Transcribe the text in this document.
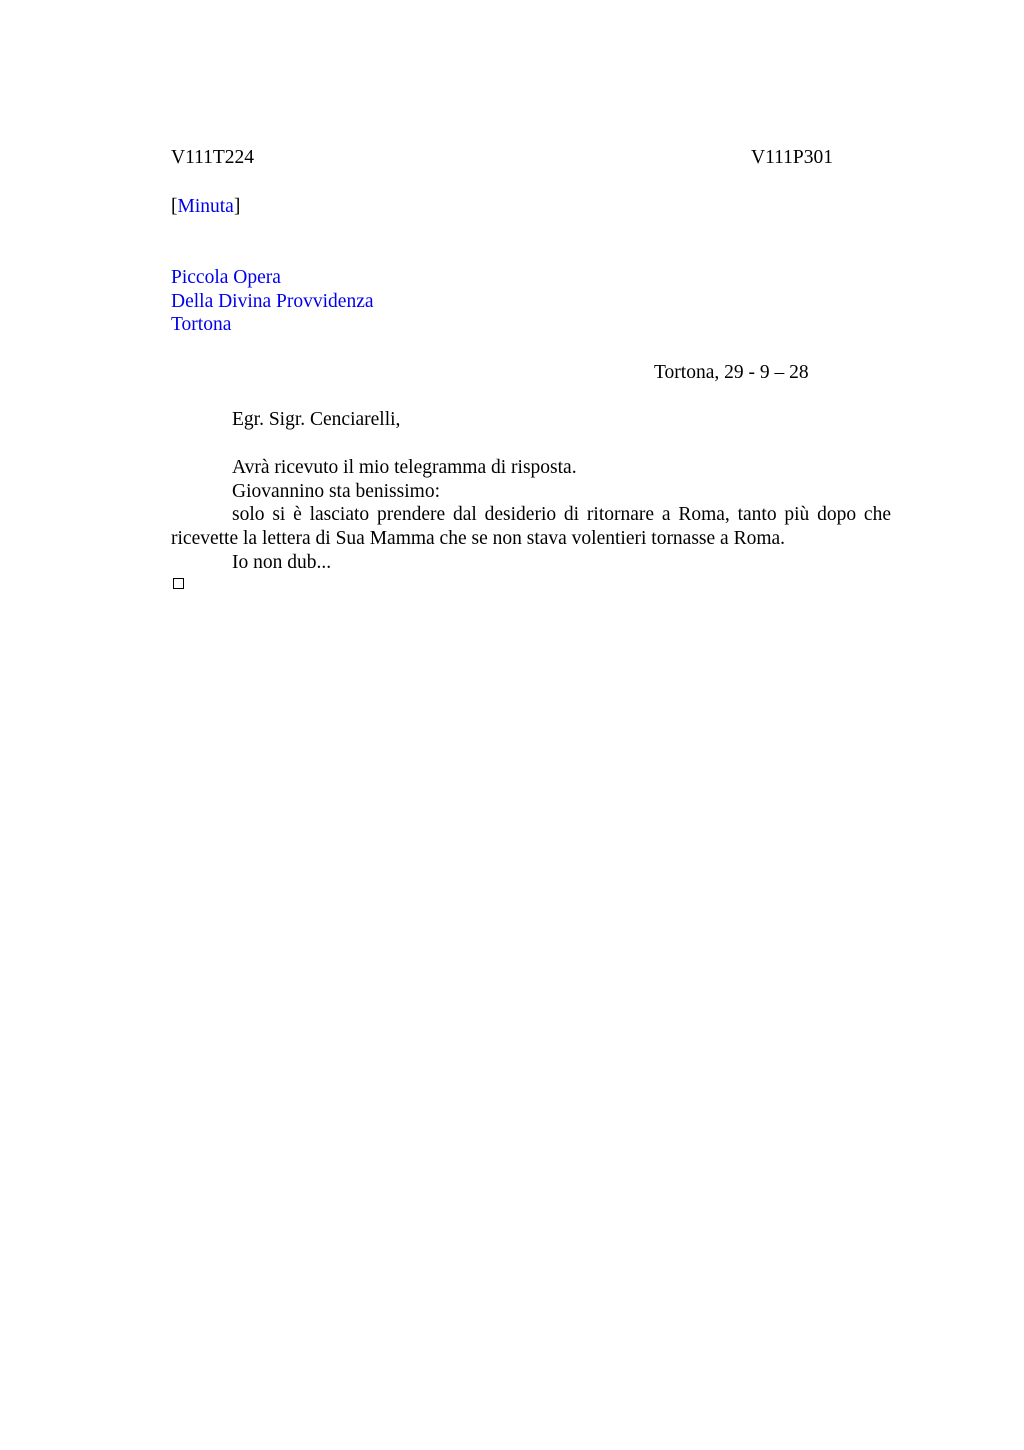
V111T224	V111P301
[Minuta]
Piccola Opera
Della Divina Provvidenza
Tortona
Tortona, 29 - 9 – 28
Egr. Sigr. Cenciarelli,
Avrà ricevuto il mio telegramma di risposta.
Giovannino sta benissimo:
solo si è lasciato prendere dal desiderio di ritornare a Roma, tanto più dopo che ricevette la lettera di Sua Mamma che se non stava volentieri tornasse a Roma.
Io non dub...
